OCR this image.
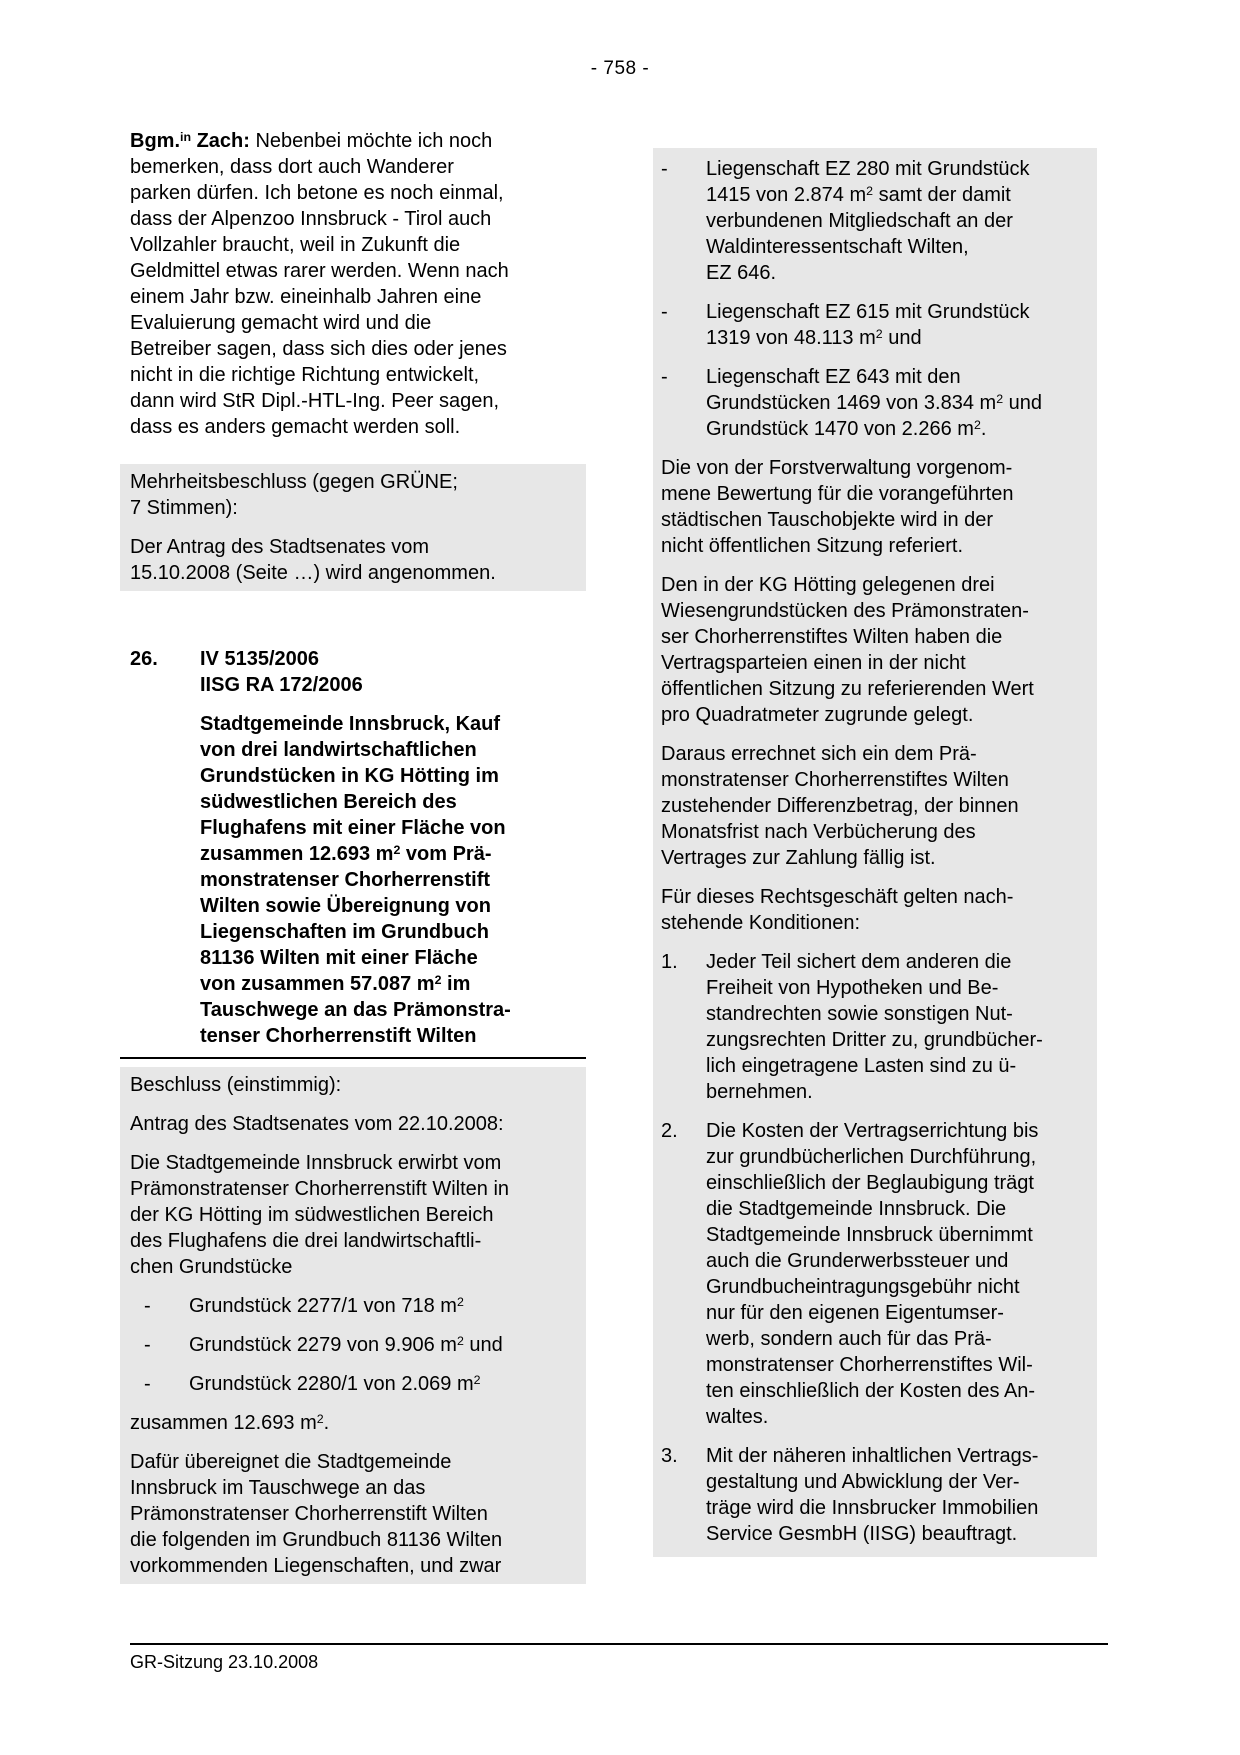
- 758 -

Bgm.$^{in}$ Zach: Nebenbei möchte ich noch
bemerken, dass dort auch Wanderer
parken dürfen. Ich betone es noch einmal,
dass der Alpenzoo Innsbruck - Tirol auch
Vollzahler braucht, weil in Zukunft die
Geldmittel etwas rarer werden. Wenn nach
einem Jahr bzw. eineinhalb Jahren eine
Evaluierung gemacht wird und die
Betreiber sagen, dass sich dies oder jenes
nicht in die richtige Richtung entwickelt,
dann wird StR Dipl.-HTL-Ing. Peer sagen,
dass es anders gemacht werden soll.

Mehrheitsbeschluss (gegen GRÜNE;
7 Stimmen):

Der Antrag des Stadtsenates vom
15.10.2008 (Seite …) wird angenommen.

26.	IV 5135/2006
IISG RA 172/2006
Stadtgemeinde Innsbruck, Kauf
von drei landwirtschaftlichen
Grundstücken in KG Hötting im
südwestlichen Bereich des
Flughafens mit einer Fläche von
zusammen 12.693 $m^2$ vom Prä-
monstratenser Chorherrenstift
Wilten sowie Übereignung von
Liegenschaften im Grundbuch
81136 Wilten mit einer Fläche
von zusammen 57.087 $m^2$ im
Tauschwege an das Prämonstra-
tenser Chorherrenstift Wilten

Beschluss (einstimmig):

Antrag des Stadtsenates vom 22.10.2008:

Die Stadtgemeinde Innsbruck erwirbt vom
Prämonstratenser Chorherrenstift Wilten in
der KG Hötting im südwestlichen Bereich
des Flughafens die drei landwirtschaftli-
chen Grundstücke

-	Grundstück 2277/1 von 718 $m^2$
-	Grundstück 2279 von 9.906 $m^2$ und
-	Grundstück 2280/1 von 2.069 $m^2$

zusammen 12.693 $m^2$.

Dafür übereignet die Stadtgemeinde
Innsbruck im Tauschwege an das
Prämonstratenser Chorherrenstift Wilten
die folgenden im Grundbuch 81136 Wilten
vorkommenden Liegenschaften, und zwar

-	Liegenschaft EZ 280 mit Grundstück
1415 von 2.874 $m^2$ samt der damit
verbundenen Mitgliedschaft an der
Waldinteressentschaft Wilten,
EZ 646.
-	Liegenschaft EZ 615 mit Grundstück
1319 von 48.113 $m^2$ und
-	Liegenschaft EZ 643 mit den
Grundstücken 1469 von 3.834 $m^2$ und
Grundstück 1470 von 2.266 $m^2$.

Die von der Forstverwaltung vorgenom-
mene Bewertung für die vorangeführten
städtischen Tauschobjekte wird in der
nicht öffentlichen Sitzung referiert.

Den in der KG Hötting gelegenen drei
Wiesengrundstücken des Prämonstraten-
ser Chorherrenstiftes Wilten haben die
Vertragsparteien einen in der nicht
öffentlichen Sitzung zu referierenden Wert
pro Quadratmeter zugrunde gelegt.

Daraus errechnet sich ein dem Prä-
monstratenser Chorherrenstiftes Wilten
zustehender Differenzbetrag, der binnen
Monatsfrist nach Verbücherung des
Vertrages zur Zahlung fällig ist.

Für dieses Rechtsgeschäft gelten nach-
stehende Konditionen:

1.	Jeder Teil sichert dem anderen die
Freiheit von Hypotheken und Be-
standrechten sowie sonstigen Nut-
zungsrechten Dritter zu, grundbücher-
lich eingetragene Lasten sind zu ü-
bernehmen.
2.	Die Kosten der Vertragserrichtung bis
zur grundbücherlichen Durchführung,
einschließlich der Beglaubigung trägt
die Stadtgemeinde Innsbruck. Die
Stadtgemeinde Innsbruck übernimmt
auch die Grunderwerbssteuer und
Grundbucheintragungsgebühr nicht
nur für den eigenen Eigentumser-
werb, sondern auch für das Prä-
monstratenser Chorherrenstiftes Wil-
ten einschließlich der Kosten des An-
waltes.
3.	Mit der näheren inhaltlichen Vertrags-
gestaltung und Abwicklung der Ver-
träge wird die Innsbrucker Immobilien
Service GesmbH (IISG) beauftragt.
GR-Sitzung 23.10.2008
